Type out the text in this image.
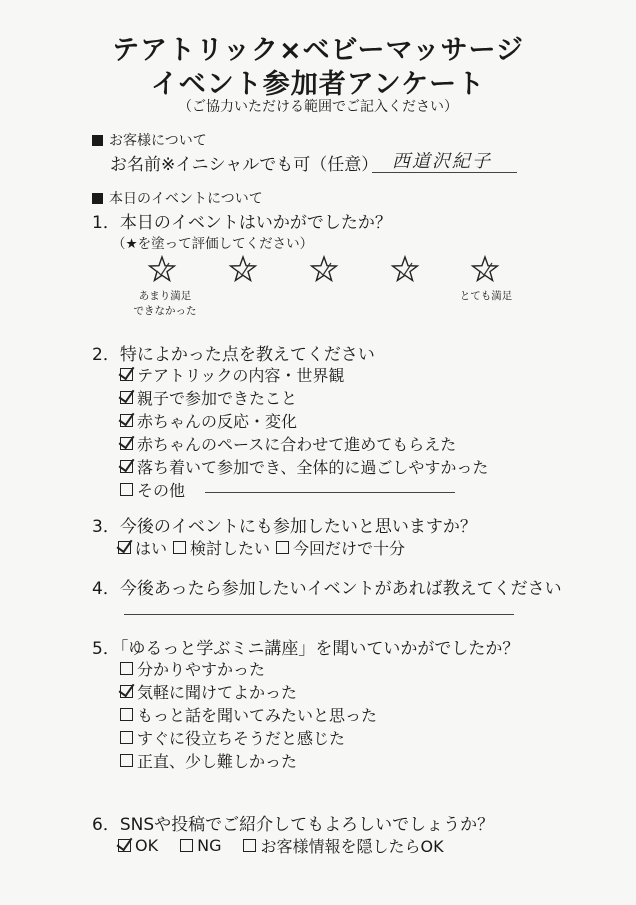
テアトリック×ベビーマッサージ
イベント参加者アンケート
（ご協力いただける範囲でご記入ください）
お客様について
お名前※イニシャルでも可（任意） 西道沢紀子
本日のイベントについて
1．本日のイベントはいかがでしたか？
（★を塗って評価してください）
あまり満足
できなかった
とても満足
2．特によかった点を教えてください
テアトリックの内容・世界観
親子で参加できたこと
赤ちゃんの反応・変化
赤ちゃんのペースに合わせて進めてもらえた
落ち着いて参加でき、全体的に過ごしやすかった
その他
3．今後のイベントにも参加したいと思いますか？
はい 検討したい 今回だけで十分
4．今後あったら参加したいイベントがあれば教えてください
5．「ゆるっと学ぶミニ講座」を聞いていかがでしたか？
分かりやすかった
気軽に聞けてよかった
もっと話を聞いてみたいと思った
すぐに役立ちそうだと感じた
正直、少し難しかった
6．SNSや投稿でご紹介してもよろしいでしょうか？
OK NG お客様情報を隠したらOK
